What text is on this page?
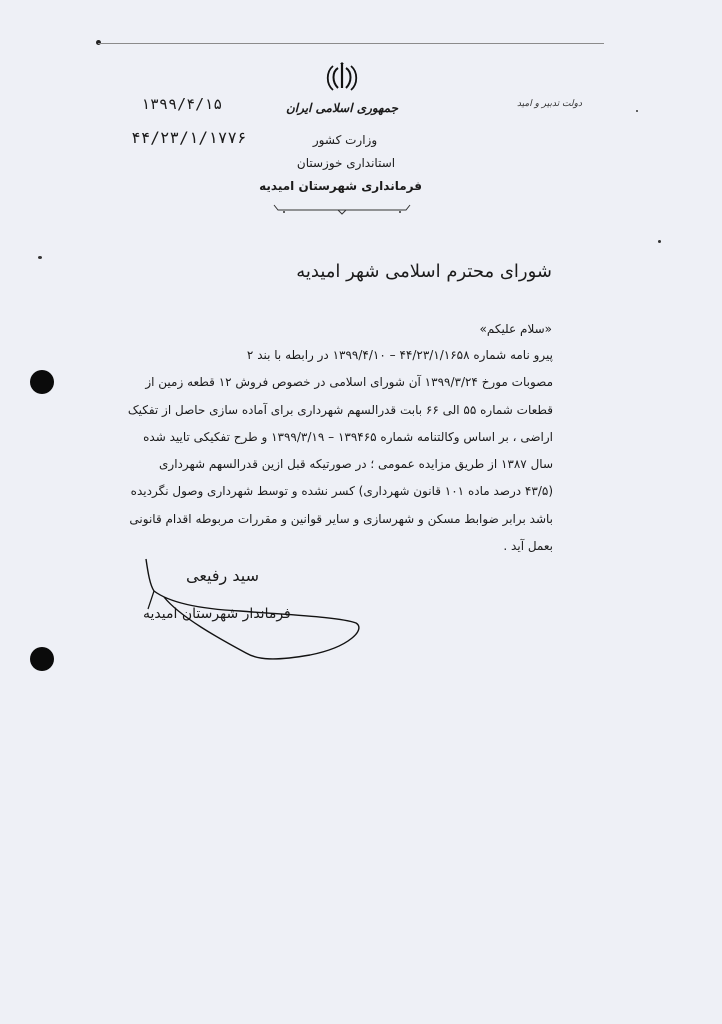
جمهوری اسلامی ایران
وزارت کشور
استانداری خوزستان
فرمانداری شهرستان امیدیه
دولت تدبیر و امید
۱۳۹۹/۴/۱۵
۴۴/۲۳/۱/۱۷۷۶
شورای محترم اسلامی شهر امیدیه
«سلام علیکم»
پیرو نامه شماره ۴۴/۲۳/۱/۱۶۵۸ – ۱۳۹۹/۴/۱۰ در رابطه با بند ۲
مصوبات مورخ ۱۳۹۹/۳/۲۴ آن شورای اسلامی در خصوص فروش ۱۲ قطعه زمین از
قطعات شماره ۵۵ الی ۶۶ بابت قدرالسهم شهرداری برای آماده سازی حاصل از تفکیک
اراضی ، بر اساس وکالتنامه شماره ۱۳۹۴۶۵ – ۱۳۹۹/۳/۱۹ و طرح تفکیکی تایید شده
سال ۱۳۸۷ از طریق مزایده عمومی ؛ در صورتیکه قبل ازین قدرالسهم شهرداری
(۴۳/۵ درصد ماده ۱۰۱ قانون شهرداری) کسر نشده و توسط شهرداری وصول نگردیده
باشد برابر ضوابط مسکن و شهرسازی و سایر قوانین و مقررات مربوطه اقدام قانونی
بعمل آید .
سید رفیعی
فرماندار شهرستان امیدیه
